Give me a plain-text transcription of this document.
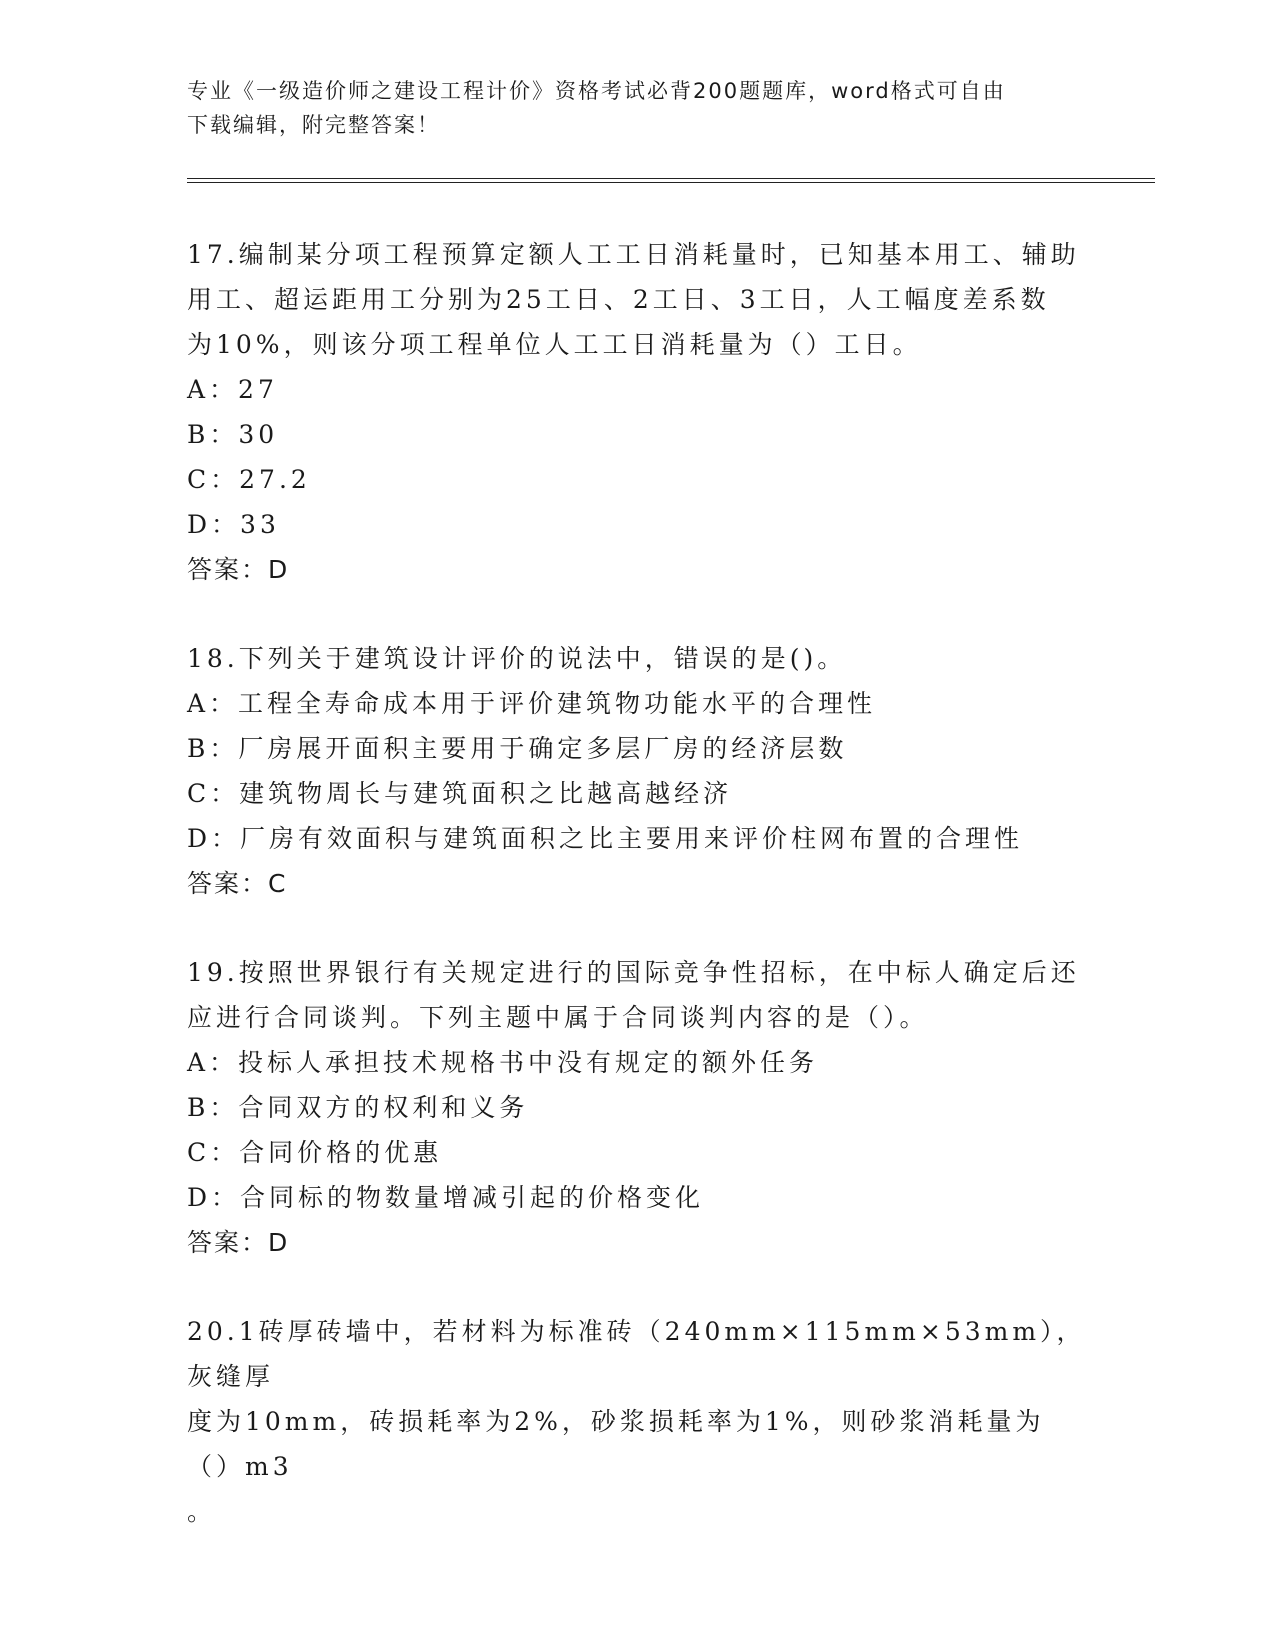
专业《一级造价师之建设工程计价》资格考试必背200题题库，word格式可自由
下载编辑，附完整答案！
17.编制某分项工程预算定额人工工日消耗量时，已知基本用工、辅助
用工、超运距用工分别为25工日、2工日、3工日，人工幅度差系数
为10%，则该分项工程单位人工工日消耗量为（）工日。
A：27
B：30
C：27.2
D：33
答案：D
18.下列关于建筑设计评价的说法中，错误的是()。
A：工程全寿命成本用于评价建筑物功能水平的合理性
B：厂房展开面积主要用于确定多层厂房的经济层数
C：建筑物周长与建筑面积之比越高越经济
D：厂房有效面积与建筑面积之比主要用来评价柱网布置的合理性
答案：C
19.按照世界银行有关规定进行的国际竞争性招标，在中标人确定后还
应进行合同谈判。下列主题中属于合同谈判内容的是（）。
A：投标人承担技术规格书中没有规定的额外任务
B：合同双方的权利和义务
C：合同价格的优惠
D：合同标的物数量增减引起的价格变化
答案：D
20.1砖厚砖墙中，若材料为标准砖（240mm×115mm×53mm），灰缝厚
度为10mm，砖损耗率为2%，砂浆损耗率为1%，则砂浆消耗量为（）m3
。
